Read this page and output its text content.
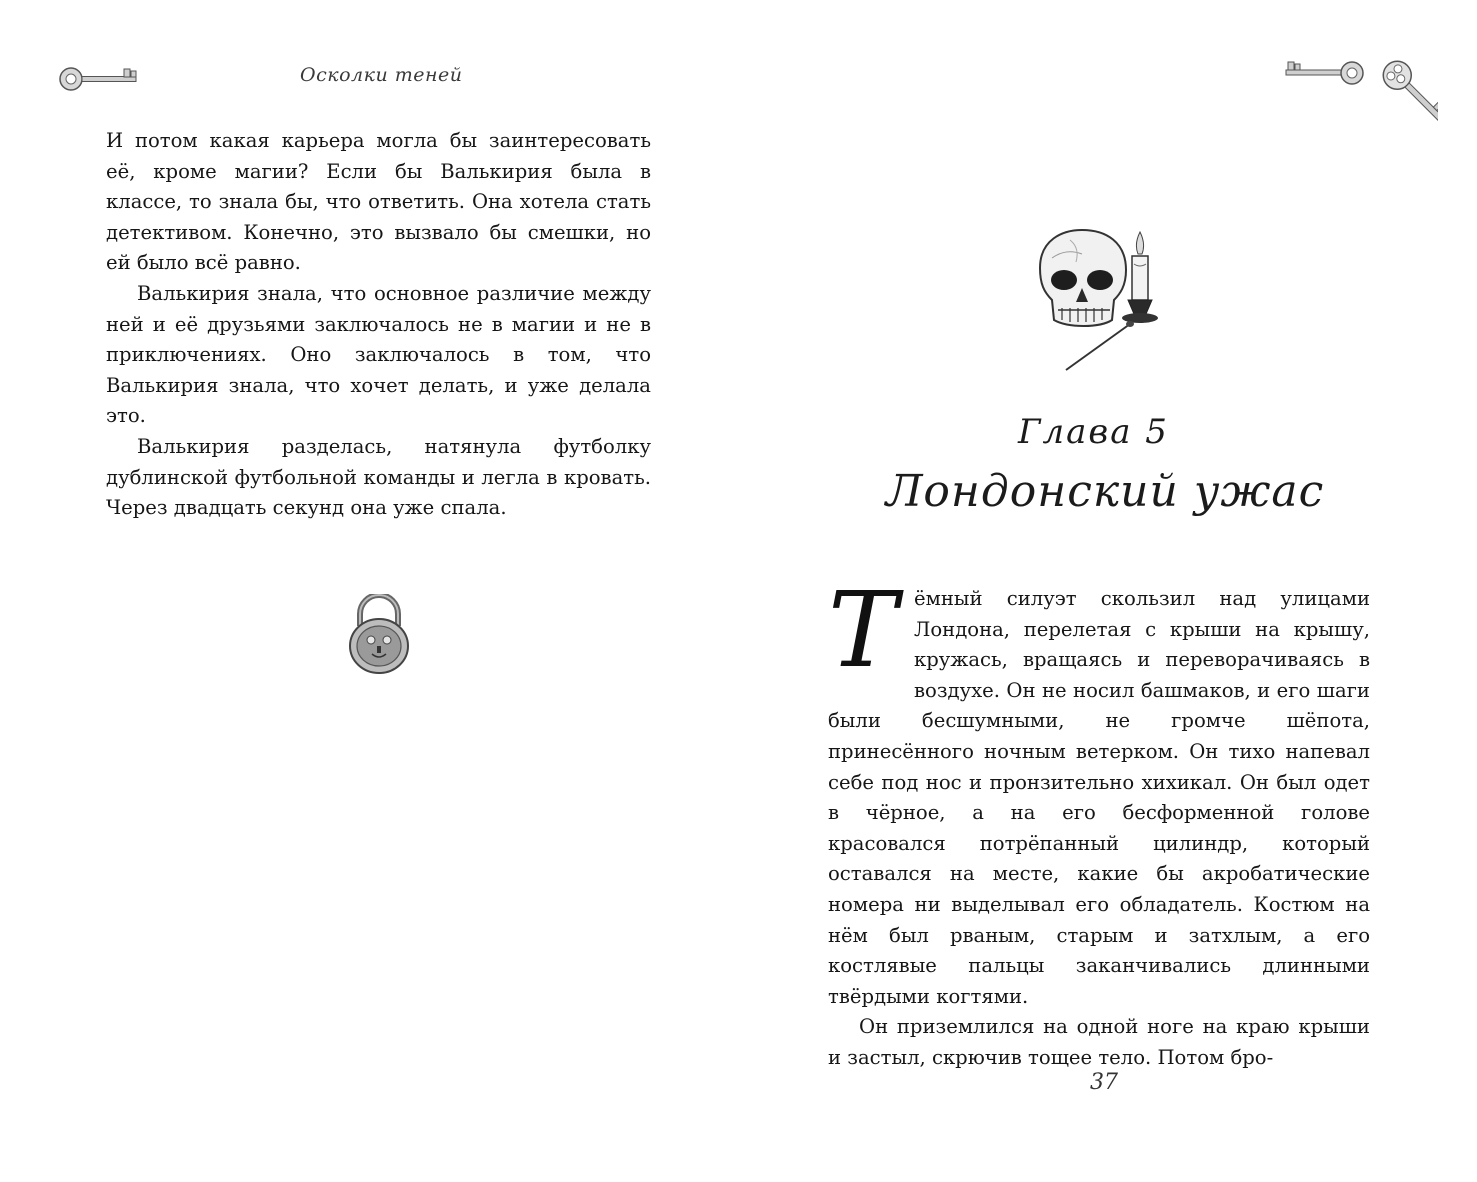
Осколки теней

И потом какая карьера могла бы заинтересовать её, кроме магии? Если бы Валькирия была в классе, то знала бы, что ответить. Она хотела стать детективом. Конечно, это вызвало бы смешки, но ей было всё равно.

Валькирия знала, что основное различие между ней и её друзьями заключалось не в магии и не в приключениях. Оно заключалось в том, что Валькирия знала, что хочет делать, и уже делала это.

Валькирия разделась, натянула футболку дублинской футбольной команды и легла в кровать. Через двадцать секунд она уже спала.

Глава 5
Лондонский ужас
Т ёмный силуэт скользил над улицами Лондона, перелетая с крыши на крышу, кружась, вращаясь и переворачиваясь в воздухе. Он не носил башмаков, и его шаги были бесшумными, не громче шёпота, принесённого ночным ветерком. Он тихо напевал себе под нос и пронзительно хихикал. Он был одет в чёрное, а на его бесформенной голове красовался потрёпанный цилиндр, который оставался на месте, какие бы акробатические номера ни выделывал его обладатель. Костюм на нём был рваным, старым и затхлым, а его костлявые пальцы заканчивались длинными твёрдыми когтями.

Он приземлился на одной ноге на краю крыши и застыл, скрючив тощее тело. Потом бро-

37
